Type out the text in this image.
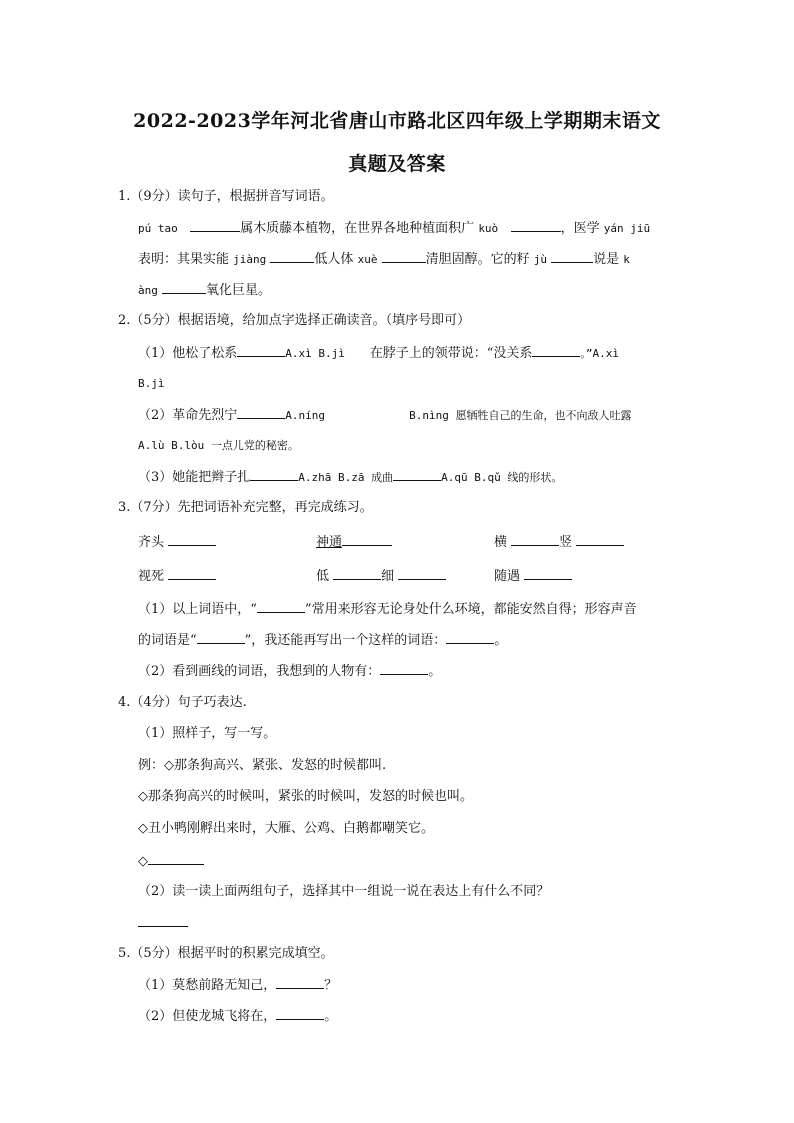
2022-2023学年河北省唐山市路北区四年级上学期期末语文
真题及答案
1.（9分）读句子，根据拼音写词语。
pú tao	属木质藤本植物，在世界各地种植面积广 kuò	，医学 yán jiū
表明：其果实能 jiàng	低人体 xuè	清胆固醇。它的籽 jù	说是 k
àng	氧化巨星。
2.（5分）根据语境，给加点字选择正确读音。（填序号即可）
（1）他松了松系	A.xì B.jì 在脖子上的领带说：“没关系	。”A.xì
B.jì
（2）革命先烈宁	A.níng	B.nìng 愿牺牲自己的生命，也不向敌人吐露
A.lù B.lòu 一点儿党的秘密。
（3）她能把辫子扎	A.zhā B.zā 成曲	A.qū B.qǔ 线的形状。
3.（7分）先把词语补充完整，再完成练习。
齐头	神通	横	竖
视死	低	细	随遇
（1）以上词语中，“	”常用来形容无论身处什么环境，都能安然自得；形容声音
的词语是“	”，我还能再写出一个这样的词语：	。
（2）看到画线的词语，我想到的人物有：	。
4.（4分）句子巧表达.
（1）照样子，写一写。
例：◇那条狗高兴、紧张、发怒的时候都叫.
◇那条狗高兴的时候叫，紧张的时候叫，发怒的时候也叫。
◇丑小鸭刚孵出来时，大雁、公鸡、白鹅都嘲笑它。
◇
（2）读一读上面两组句子，选择其中一组说一说在表达上有什么不同？
5.（5分）根据平时的积累完成填空。
（1）莫愁前路无知己，	？
（2）但使龙城飞将在，	。
